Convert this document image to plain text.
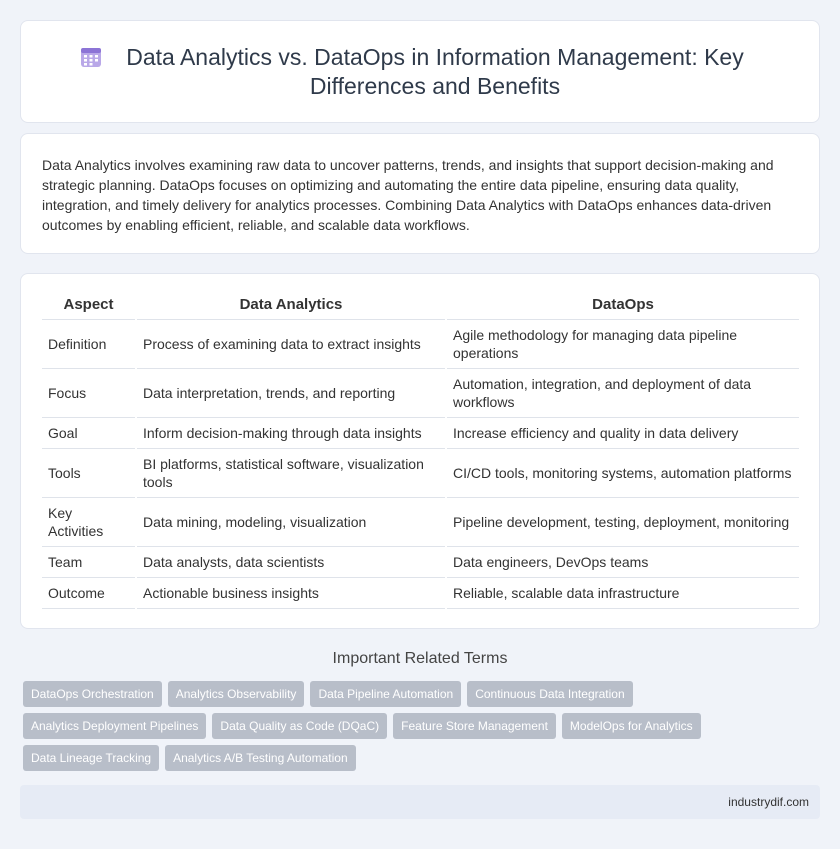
Data Analytics vs. DataOps in Information Management: Key Differences and Benefits

Data Analytics involves examining raw data to uncover patterns, trends, and insights that support decision-making and strategic planning. DataOps focuses on optimizing and automating the entire data pipeline, ensuring data quality, integration, and timely delivery for analytics processes. Combining Data Analytics with DataOps enhances data-driven outcomes by enabling efficient, reliable, and scalable data workflows.

Aspect	Data Analytics	DataOps
Definition	Process of examining data to extract insights	Agile methodology for managing data pipeline operations
Focus	Data interpretation, trends, and reporting	Automation, integration, and deployment of data workflows
Goal	Inform decision-making through data insights	Increase efficiency and quality in data delivery
Tools	BI platforms, statistical software, visualization tools	CI/CD tools, monitoring systems, automation platforms
Key Activities	Data mining, modeling, visualization	Pipeline development, testing, deployment, monitoring
Team	Data analysts, data scientists	Data engineers, DevOps teams
Outcome	Actionable business insights	Reliable, scalable data infrastructure
Important Related Terms
DataOps Orchestration	Analytics Observability	Data Pipeline Automation	Continuous Data Integration
Analytics Deployment Pipelines	Data Quality as Code (DQaC)	Feature Store Management	ModelOps for Analytics
Data Lineage Tracking	Analytics A/B Testing Automation
industrydif.com
